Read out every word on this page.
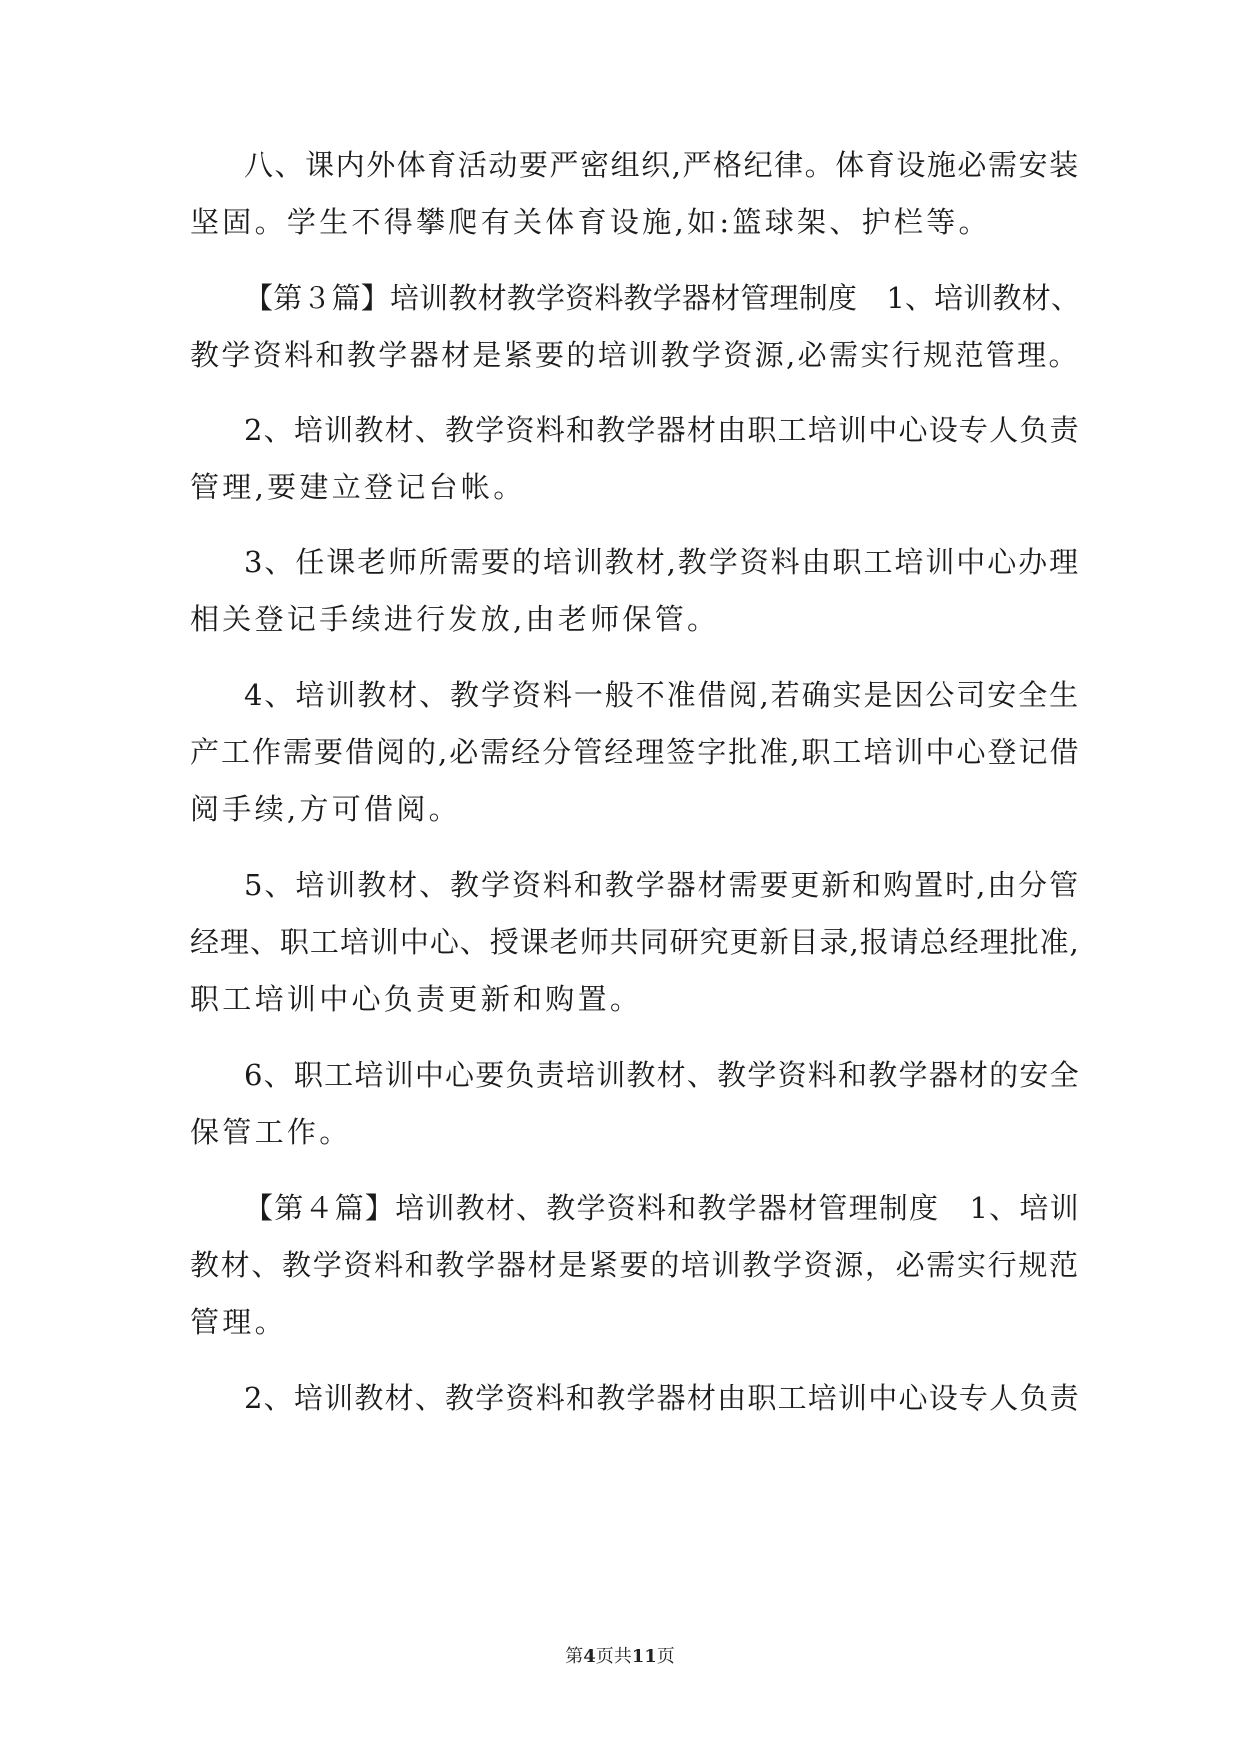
八、课内外体育活动要严密组织,严格纪律。体育设施必需安装
坚固。学生不得攀爬有关体育设施,如:篮球架、护栏等。
【第３篇】培训教材教学资料教学器材管理制度　1、培训教材、
教学资料和教学器材是紧要的培训教学资源,必需实行规范管理。
2、培训教材、教学资料和教学器材由职工培训中心设专人负责
管理,要建立登记台帐。
3、任课老师所需要的培训教材,教学资料由职工培训中心办理
相关登记手续进行发放,由老师保管。
4、培训教材、教学资料一般不准借阅,若确实是因公司安全生
产工作需要借阅的,必需经分管经理签字批准,职工培训中心登记借
阅手续,方可借阅。
5、培训教材、教学资料和教学器材需要更新和购置时,由分管
经理、职工培训中心、授课老师共同研究更新目录,报请总经理批准,
职工培训中心负责更新和购置。
6、职工培训中心要负责培训教材、教学资料和教学器材的安全
保管工作。
【第４篇】培训教材、教学资料和教学器材管理制度　1、培训
教材、教学资料和教学器材是紧要的培训教学资源，必需实行规范
管理。
2、培训教材、教学资料和教学器材由职工培训中心设专人负责
第4页共11页
